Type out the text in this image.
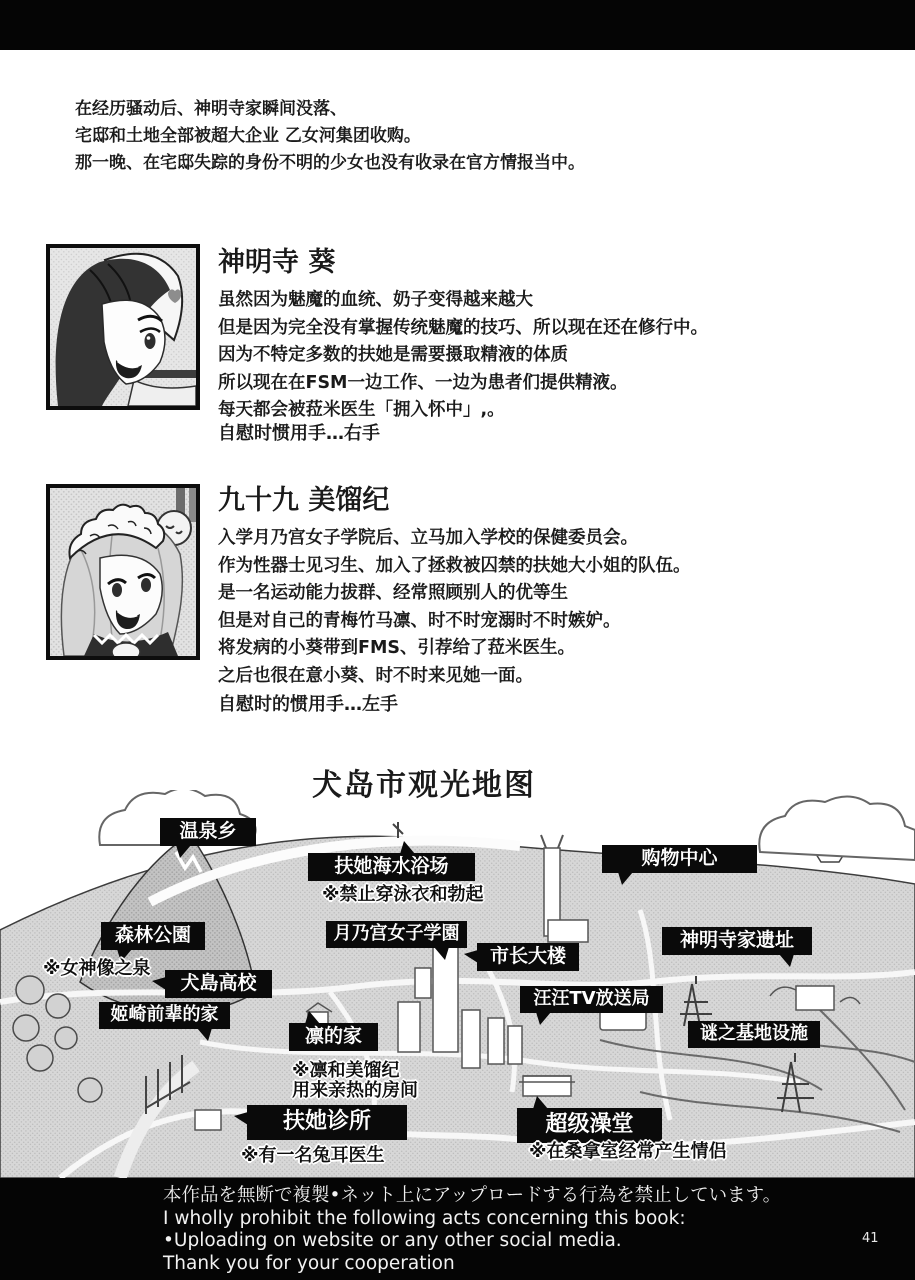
在经历骚动后、神明寺家瞬间没落、
宅邸和土地全部被超大企业 乙女河集团收购。
那一晚、在宅邸失踪的身份不明的少女也没有收录在官方情报当中。
神明寺 葵
虽然因为魅魔的血统、奶子变得越来越大
但是因为完全没有掌握传统魅魔的技巧、所以现在还在修行中。
因为不特定多数的扶她是需要摄取精液的体质
所以现在在FSM一边工作、一边为患者们提供精液。
每天都会被菈米医生「拥入怀中」,。
自慰时惯用手…右手
九十九 美馏纪
入学月乃宫女子学院后、立马加入学校的保健委员会。
作为性器士见习生、加入了拯救被囚禁的扶她大小姐的队伍。
是一名运动能力拔群、经常照顾别人的优等生
但是对自己的青梅竹马凛、时不时宠溺时不时嫉妒。
将发病的小葵带到FMS、引荐给了菈米医生。
之后也很在意小葵、时不时来见她一面。
自慰时的惯用手…左手
犬岛市观光地图
温泉乡
扶她海水浴场	购物中心
森林公園	月乃宫女子学園
犬島高校
姬崎前辈的家
市长大楼
汪汪TV放送局
神明寺家遗址
凛的家	谜之基地设施
扶她诊所	超级澡堂
※禁止穿泳衣和勃起
※女神像之泉
※凛和美馏纪
用来亲热的房间
※有一名兔耳医生	※在桑拿室经常产生情侣
本作品を無断で複製•ネット上にアップロードする行為を禁止しています。
I wholly prohibit the following acts concerning this book:
•Uploading on website or any other social media.
Thank you for your cooperation
41
